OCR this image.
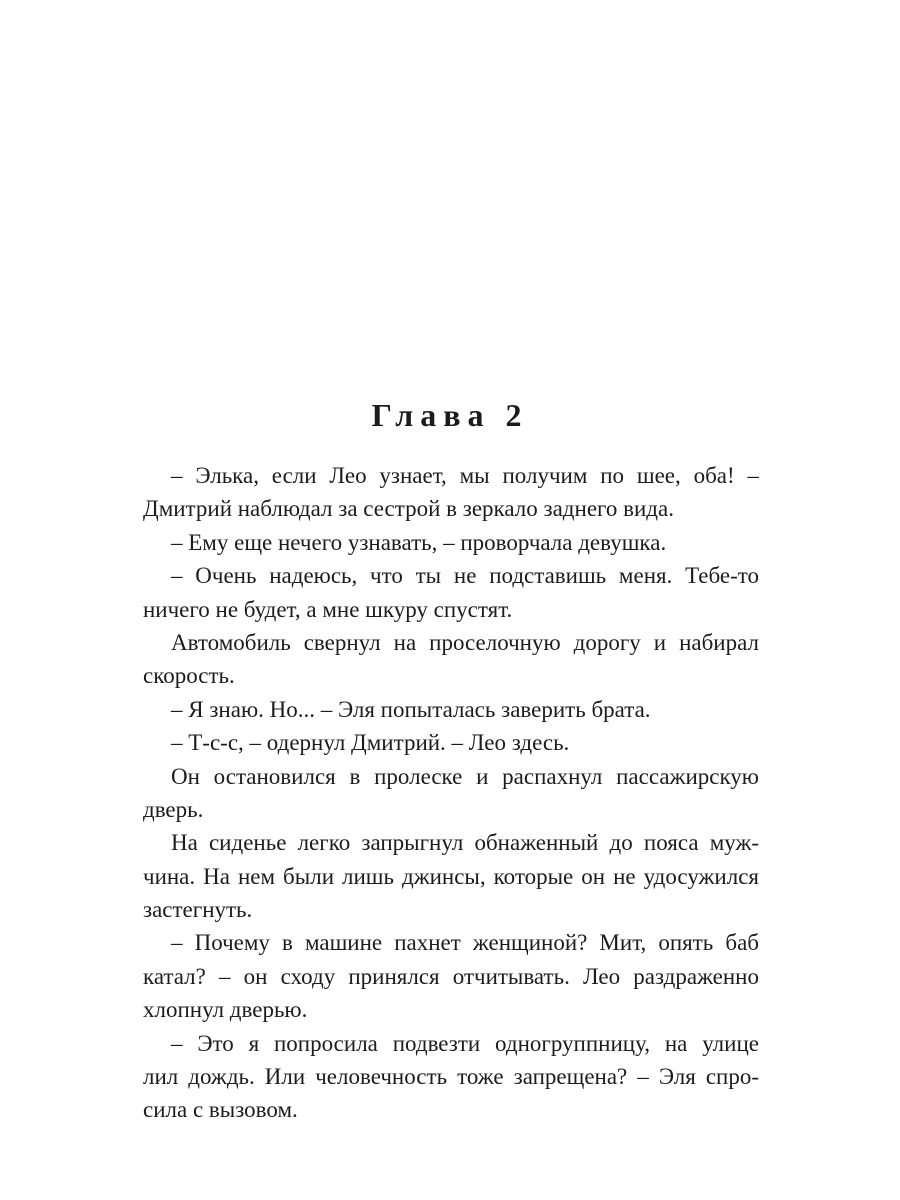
Глава 2
– Элька, если Лео узнает, мы получим по шее, оба! –
Дмитрий наблюдал за сестрой в зеркало заднего вида.
– Ему еще нечего узнавать, – проворчала девушка.
– Очень надеюсь, что ты не подставишь меня. Тебе-то
ничего не будет, а мне шкуру спустят.
Автомобиль свернул на проселочную дорогу и набирал
скорость.
– Я знаю. Но... – Эля попыталась заверить брата.
– Т-с-с, – одернул Дмитрий. – Лео здесь.
Он остановился в пролеске и распахнул пассажирскую
дверь.
На сиденье легко запрыгнул обнаженный до пояса муж-
чина. На нем были лишь джинсы, которые он не удосужился
застегнуть.
– Почему в машине пахнет женщиной? Мит, опять баб
катал? – он сходу принялся отчитывать. Лео раздраженно
хлопнул дверью.
– Это я попросила подвезти одногруппницу, на улице
лил дождь. Или человечность тоже запрещена? – Эля спро-
сила с вызовом.
